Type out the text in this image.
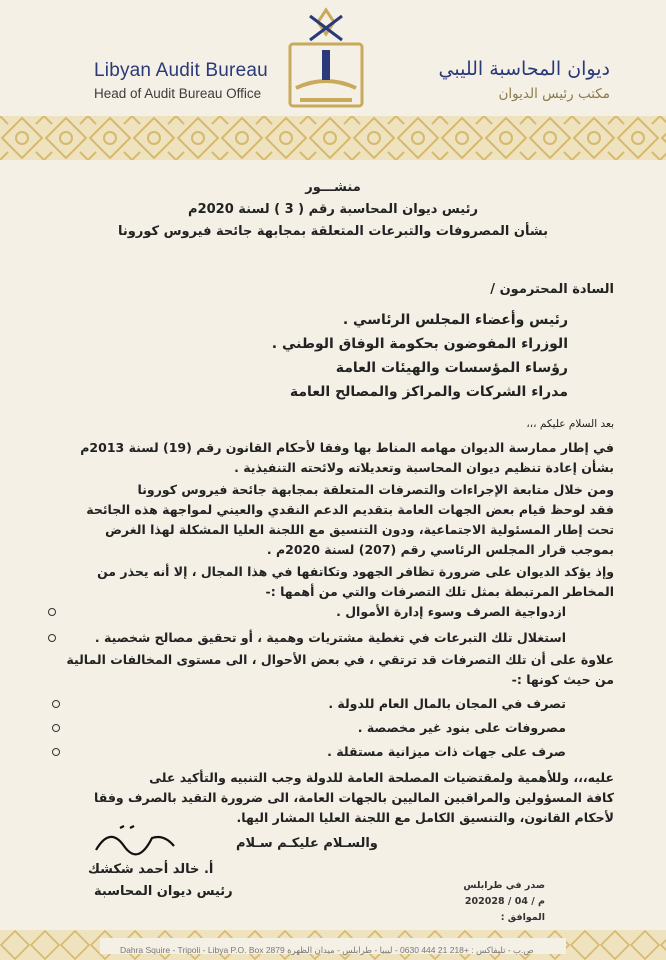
Libyan Audit Bureau
Head of Audit Bureau Office
ديوان المحاسبة الليبي
مكتب رئيس الديوان
منشـــور
رئيس ديوان المحاسبة رقم ( 3 ) لسنة 2020م
بشأن المصروفات والتبرعات المتعلقة بمجابهة جائحة فيروس كورونا
السادة المحترمون /
رئيس وأعضاء المجلس الرئاسي .
الوزراء المفوضون بحكومة الوفاق الوطني .
رؤساء المؤسسات والهيئات العامة
مدراء الشركات والمراكز والمصالح العامة
بعد السلام عليكم ،،،
في إطار ممارسة الديوان مهامه المناط بها وفقا لأحكام القانون رقم (19) لسنة 2013م
بشأن إعادة تنظيم ديوان المحاسبة وتعديلاته ولائحته التنفيذية .
ومن خلال متابعة الإجراءات والتصرفات المتعلقة بمجابهة جائحة فيروس كورونا
فقد لوحظ قيام بعض الجهات العامة بتقديم الدعم النقدي والعيني لمواجهة هذه الجائحة
تحت إطار المسئولية الاجتماعية، ودون التنسيق مع اللجنة العليا المشكلة لهذا الغرض
بموجب قرار المجلس الرئاسي رقم (207) لسنة 2020م .
وإذ يؤكد الديوان على ضرورة تظافر الجهود وتكاتفها في هذا المجال ، إلا أنه يحذر من
المخاطر المرتبطة بمثل تلك التصرفات والتي من أهمها :-
ازدواجية الصرف وسوء إدارة الأموال .
استغلال تلك التبرعات في تغطية مشتريات وهمية ، أو تحقيق مصالح شخصية .
علاوة على أن تلك التصرفات قد ترتقي ، في بعض الأحوال ، الى مستوى المخالفات المالية
من حيث كونها :-
تصرف في المجان بالمال العام للدولة .
مصروفات على بنود غير مخصصة .
صرف على جهات ذات ميزانية مستقلة .
عليه،،، وللأهمية ولمقتضيات المصلحة العامة للدولة وجب التنبيه والتأكيد على
كافة المسؤولين والمراقبين الماليين بالجهات العامة، الى ضرورة التقيد بالصرف وفقا
لأحكام القانون، والتنسيق الكامل مع اللجنة العليا المشار اليها.
والسـلام عليكـم سـلام
أ. خالد أحمد شكشك
رئيس ديوان المحاسبة	صدر في طرابلس
2020م / 04 / 28
الموافق :
Dahra Squire - Tripoli - Libya P.O. Box 2879 ص.ب - تليفاكس : +218 21 444 0630 - ليبيا - طرابلس - ميدان الظهرة
